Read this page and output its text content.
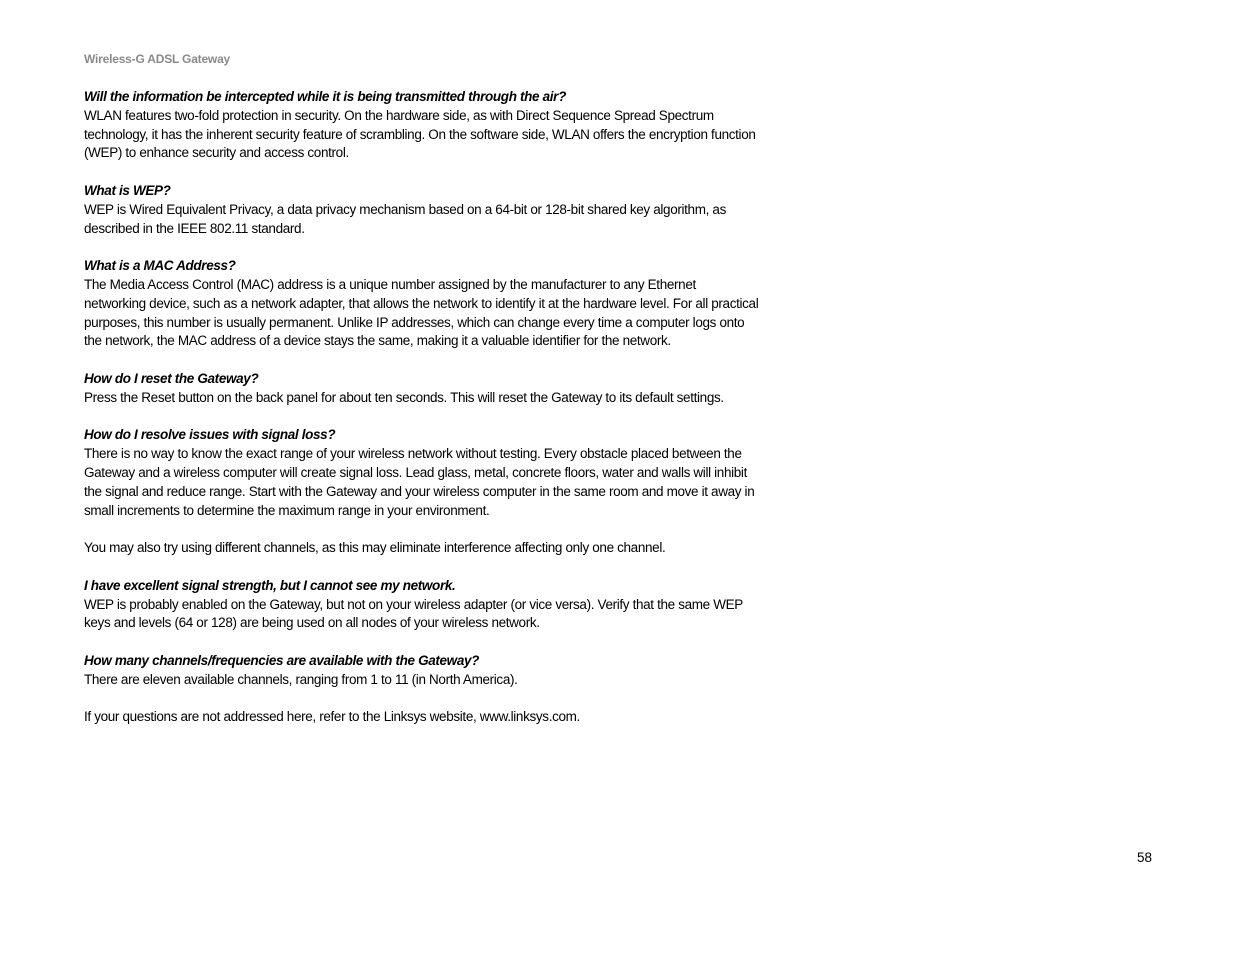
Wireless-G ADSL Gateway

Will the information be intercepted while it is being transmitted through the air?

WLAN features two-fold protection in security. On the hardware side, as with Direct Sequence Spread Spectrum technology, it has the inherent security feature of scrambling. On the software side, WLAN offers the encryption function (WEP) to enhance security and access control.

What is WEP?

WEP is Wired Equivalent Privacy, a data privacy mechanism based on a 64-bit or 128-bit shared key algorithm, as described in the IEEE 802.11 standard.

What is a MAC Address?

The Media Access Control (MAC) address is a unique number assigned by the manufacturer to any Ethernet networking device, such as a network adapter, that allows the network to identify it at the hardware level. For all practical purposes, this number is usually permanent. Unlike IP addresses, which can change every time a computer logs onto the network, the MAC address of a device stays the same, making it a valuable identifier for the network.

How do I reset the Gateway?

Press the Reset button on the back panel for about ten seconds. This will reset the Gateway to its default settings.

How do I resolve issues with signal loss?

There is no way to know the exact range of your wireless network without testing. Every obstacle placed between the Gateway and a wireless computer will create signal loss. Lead glass, metal, concrete floors, water and walls will inhibit the signal and reduce range. Start with the Gateway and your wireless computer in the same room and move it away in small increments to determine the maximum range in your environment.

You may also try using different channels, as this may eliminate interference affecting only one channel.

I have excellent signal strength, but I cannot see my network.

WEP is probably enabled on the Gateway, but not on your wireless adapter (or vice versa). Verify that the same WEP keys and levels (64 or 128) are being used on all nodes of your wireless network.

How many channels/frequencies are available with the Gateway?

There are eleven available channels, ranging from 1 to 11 (in North America).

If your questions are not addressed here, refer to the Linksys website, www.linksys.com.

58
